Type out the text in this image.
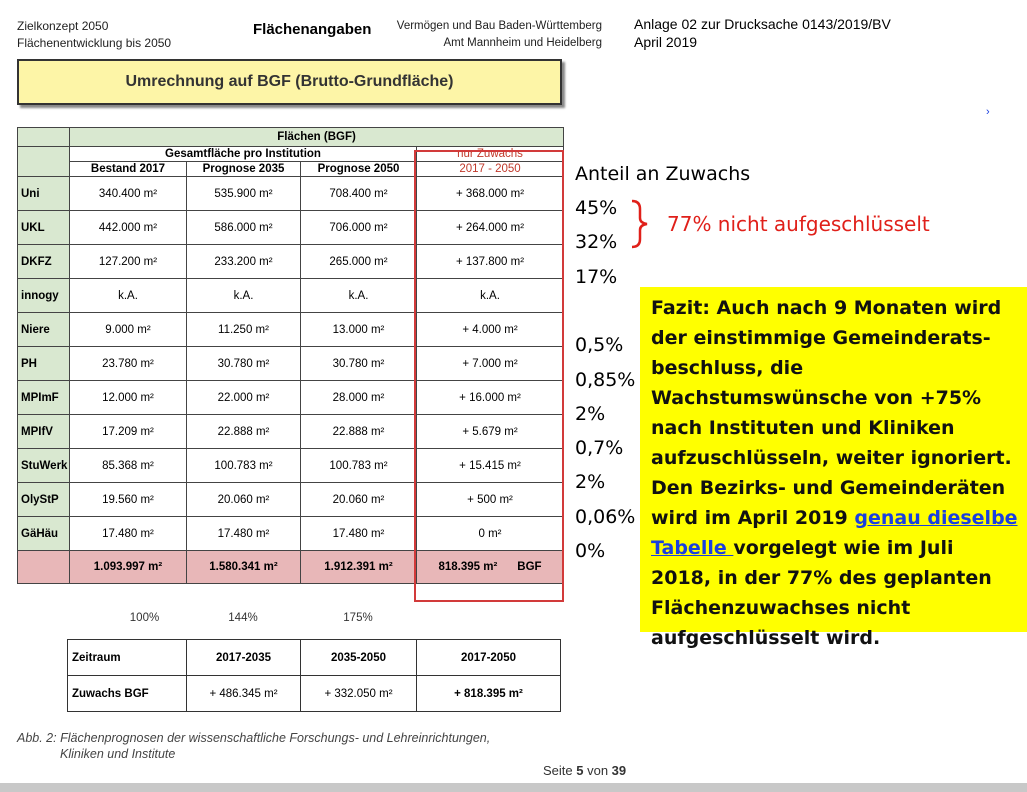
Zielkonzept 2050
Flächenentwicklung bis 2050
Flächenangaben	Vermögen und Bau Baden-Württemberg
Amt Mannheim und Heidelberg
Anlage 02 zur Drucksache 0143/2019/BV
April 2019
Umrechnung auf BGF (Brutto-Grundfläche)
	Flächen (BGF)			
	Gesamtfläche pro Institution			nur Zuwachs
	Bestand 2017	Prognose 2035	Prognose 2050	2017 - 2050
Uni	340.400 m²	535.900 m²	708.400 m²	+ 368.000 m²
UKL	442.000 m²	586.000 m²	706.000 m²	+ 264.000 m²
DKFZ	127.200 m²	233.200 m²	265.000 m²	+ 137.800 m²
innogy	k.A.	k.A.	k.A.	k.A.
Niere	9.000 m²	11.250 m²	13.000 m²	+ 4.000 m²
PH	23.780 m²	30.780 m²	30.780 m²	+ 7.000 m²
MPImF	12.000 m²	22.000 m²	28.000 m²	+ 16.000 m²
MPIfV	17.209 m²	22.888 m²	22.888 m²	+ 5.679 m²
StuWerk	85.368 m²	100.783 m²	100.783 m²	+ 15.415 m²
OlyStP	19.560 m²	20.060 m²	20.060 m²	+ 500 m²
GäHäu	17.480 m²	17.480 m²	17.480 m²	0 m²
	1.093.997 m²	1.580.341 m²	1.912.391 m²	818.395 m² BGF
100%	144%	175%
Zeitraum	2017-2035	2035-2050	2017-2050
Zuwachs BGF	+ 486.345 m²	+ 332.050 m²	+ 818.395 m²
Abb. 2: Flächenprognosen der wissenschaftliche Forschungs- und Lehreinrichtungen,
Kliniken und Institute
Seite 5 von 39
Anteil an Zuwachs
45%
32%
17%
0,5%
0,85%
2%
0,7%
2%
0,06%
0%
77% nicht aufgeschlüsselt
Fazit: Auch nach 9 Monaten wird der einstimmige Gemeinderats-beschluss, die Wachstumswünsche von +75% nach Instituten und Kliniken aufzuschlüsseln, weiter ignoriert. Den Bezirks- und Gemeinderäten wird im April 2019 genau dieselbe Tabelle vorgelegt wie im Juli 2018, in der 77% des geplanten Flächenzuwachses nicht aufgeschlüsselt wird.
›
